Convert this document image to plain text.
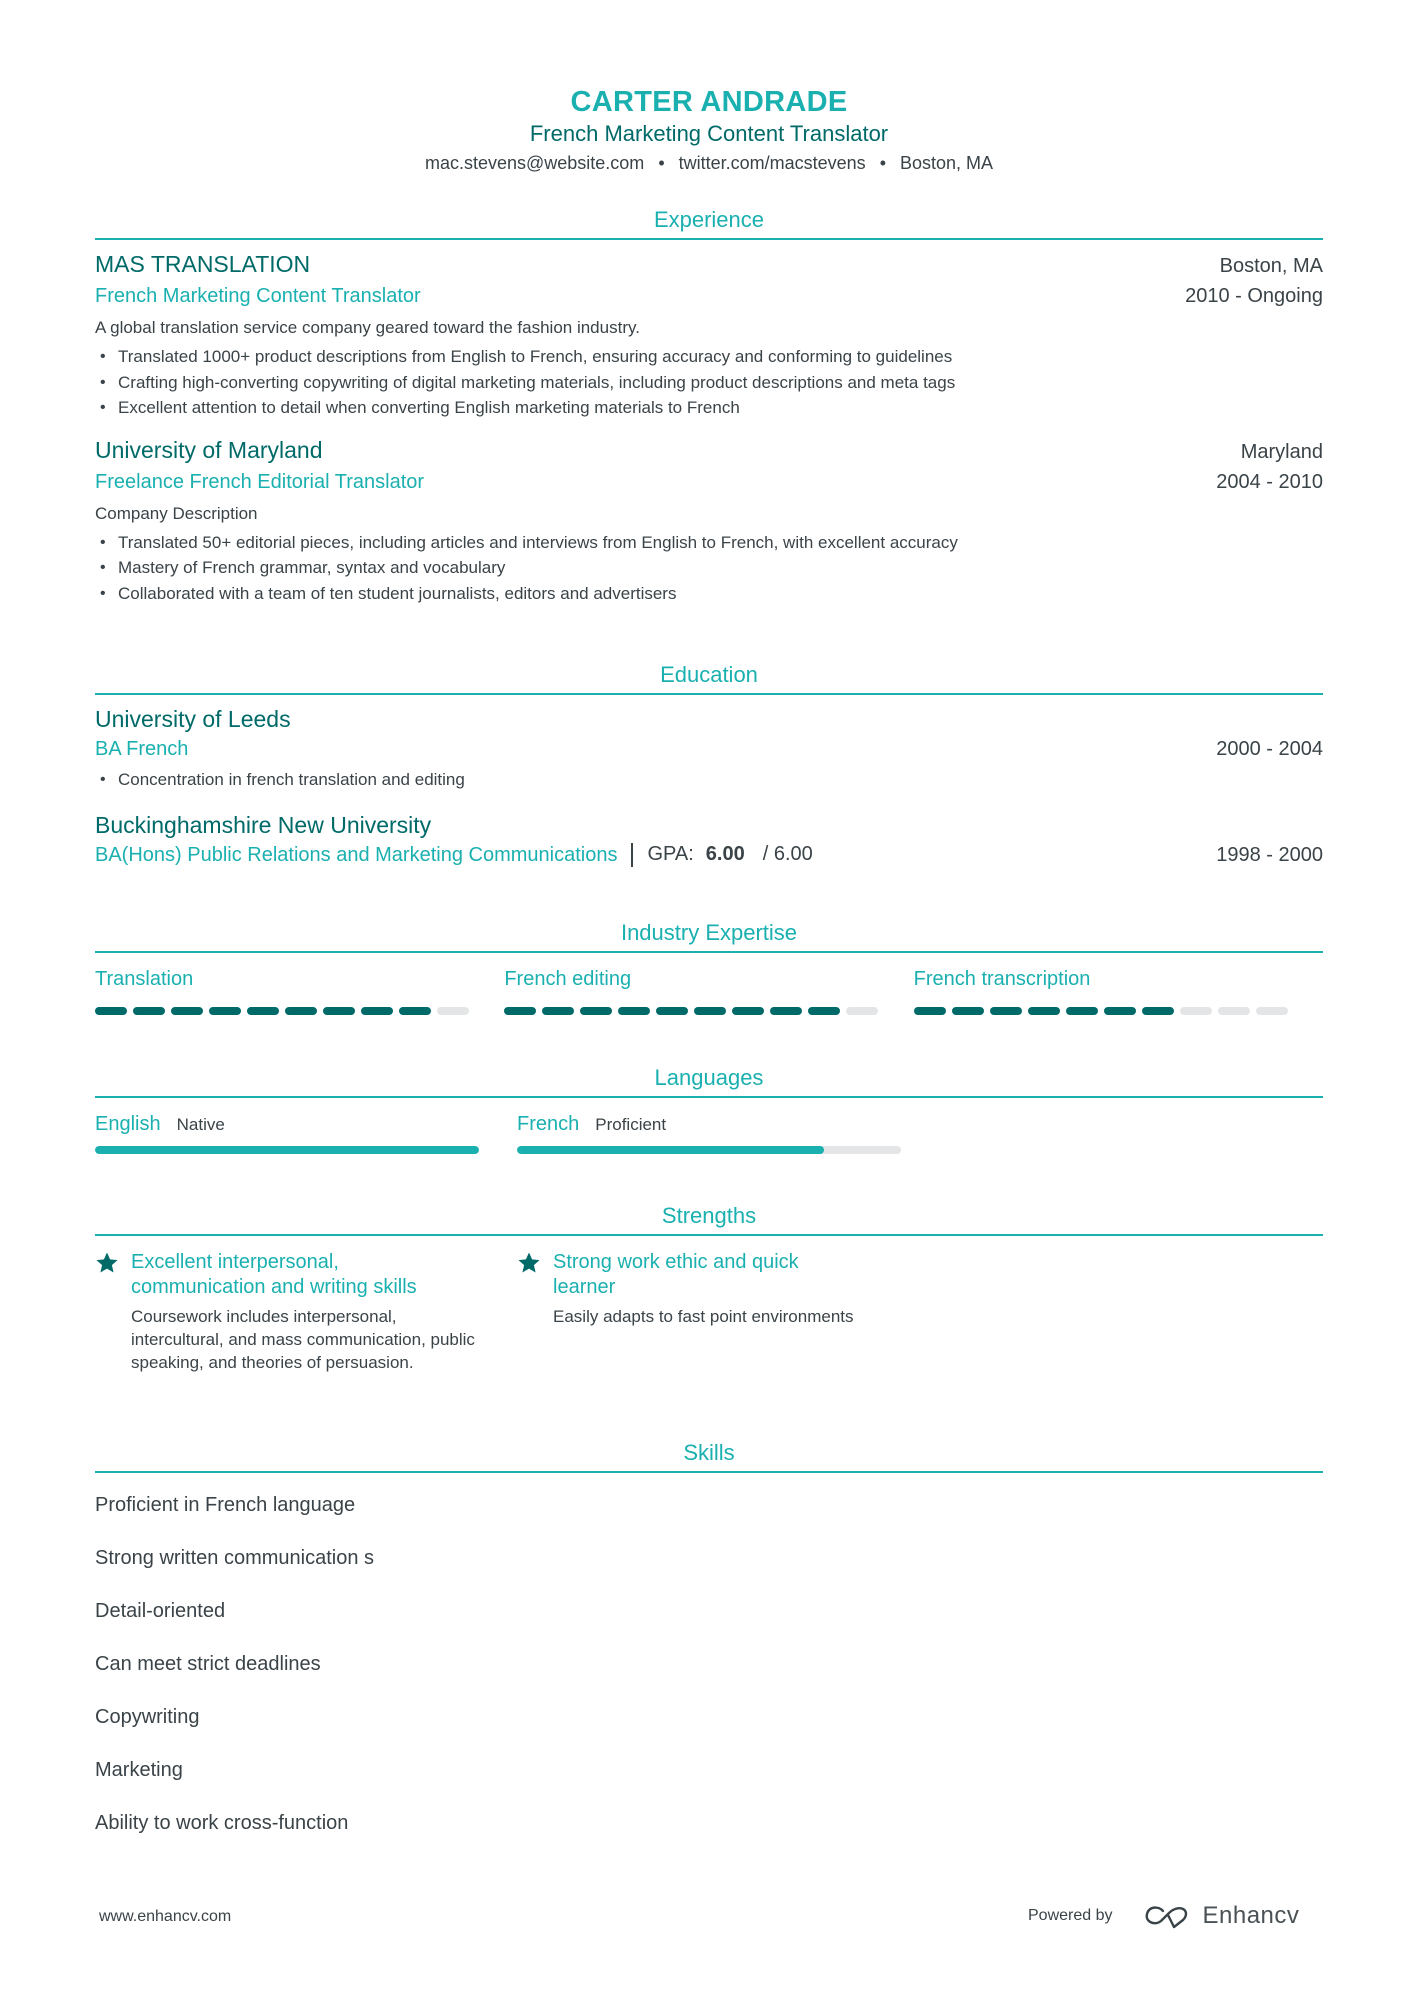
CARTER ANDRADE
French Marketing Content Translator
mac.stevens@website.com • twitter.com/macstevens • Boston, MA
Experience
MAS TRANSLATION	Boston, MA
French Marketing Content Translator	2010 - Ongoing
A global translation service company geared toward the fashion industry.
• Translated 1000+ product descriptions from English to French, ensuring accuracy and conforming to guidelines
• Crafting high-converting copywriting of digital marketing materials, including product descriptions and meta tags
• Excellent attention to detail when converting English marketing materials to French
University of Maryland	Maryland
Freelance French Editorial Translator	2004 - 2010
Company Description
• Translated 50+ editorial pieces, including articles and interviews from English to French, with excellent accuracy
• Mastery of French grammar, syntax and vocabulary
• Collaborated with a team of ten student journalists, editors and advertisers
Education
University of Leeds
BA French	2000 - 2004
• Concentration in french translation and editing
Buckinghamshire New University
BA(Hons) Public Relations and Marketing Communications GPA: 6.00 / 6.00	1998 - 2000
Industry Expertise
Translation	French editing	French transcription
Languages
English Native	French Proficient
Strengths
Excellent interpersonal, communication and writing skills
Coursework includes interpersonal, intercultural, and mass communication, public speaking, and theories of persuasion.
Strong work ethic and quick learner
Easily adapts to fast point environments
Skills
Proficient in French language
Strong written communication s
Detail-oriented
Can meet strict deadlines
Copywriting
Marketing
Ability to work cross-function
www.enhancv.com	Powered by	Enhancv
